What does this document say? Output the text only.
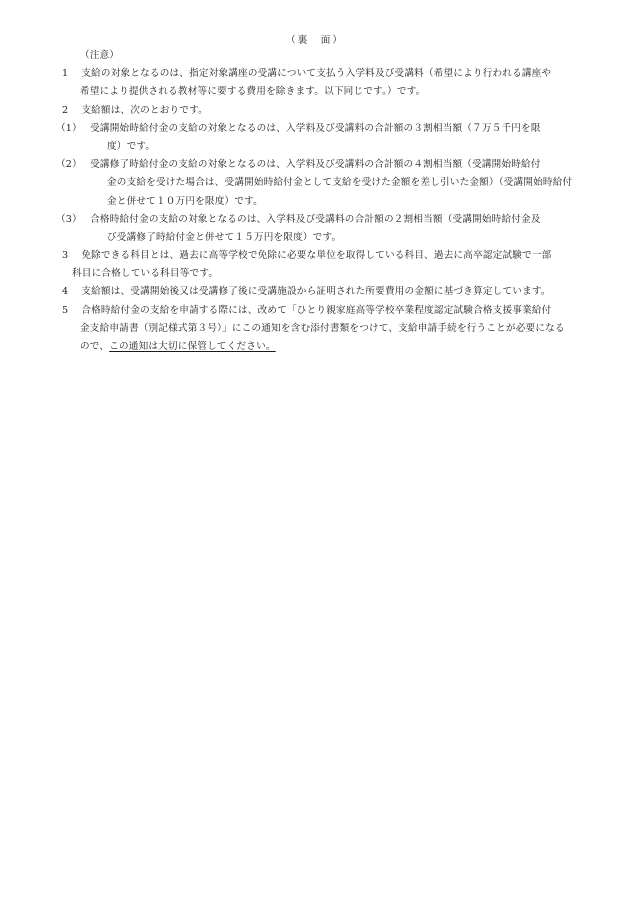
（裏　面）
（注意）
1　 支給の対象となるのは、指定対象講座の受講について支払う入学料及び受講料（希望により行われる講座や
希望により提供される教材等に要する費用を除きます。以下同じです。）です。
2　 支給額は、次のとおりです。
（1）　 受講開始時給付金の支給の対象となるのは、入学料及び受講料の合計額の３割相当額（７万５千円を限
度）です。
（2）　 受講修了時給付金の支給の対象となるのは、入学料及び受講料の合計額の４割相当額（受講開始時給付
金の支給を受けた場合は、受講開始時給付金として支給を受けた金額を差し引いた金額）（受講開始時給付
金と併せて１０万円を限度）です。
（3）　 合格時給付金の支給の対象となるのは、入学料及び受講料の合計額の２割相当額（受講開始時給付金及
び受講修了時給付金と併せて１５万円を限度）です。
3　 免除できる科目とは、過去に高等学校で免除に必要な単位を取得している科目、過去に高卒認定試験で一部
科目に合格している科目等です。
4　 支給額は、受講開始後又は受講修了後に受講施設から証明された所要費用の金額に基づき算定しています。
5　 合格時給付金の支給を申請する際には、改めて「ひとり親家庭高等学校卒業程度認定試験合格支援事業給付
金支給申請書（別記様式第３号）」にこの通知を含む添付書類をつけて、支給申請手続を行うことが必要になる
ので、この通知は大切に保管してください。
